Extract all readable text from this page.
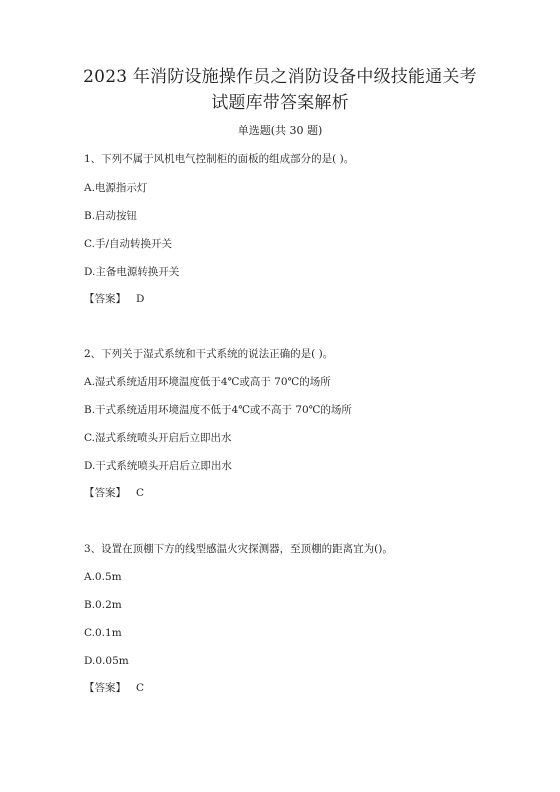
2023 年消防设施操作员之消防设备中级技能通关考
试题库带答案解析
单选题(共 30 题)
1、下列不属于风机电气控制柜的面板的组成部分的是( )。
A.电源指示灯
B.启动按钮
C.手/自动转换开关
D.主备电源转换开关
【答案】 D
2、下列关于湿式系统和干式系统的说法正确的是( )。
A.湿式系统适用环境温度低于4℃或高于 70℃的场所
B.干式系统适用环境温度不低于4℃或不高于 70℃的场所
C.湿式系统喷头开启后立即出水
D.干式系统喷头开启后立即出水
【答案】 C
3、设置在顶棚下方的线型感温火灾探测器，至顶棚的距离宜为()。
A.0.5m
B.0.2m
C.0.1m
D.0.05m
【答案】 C
